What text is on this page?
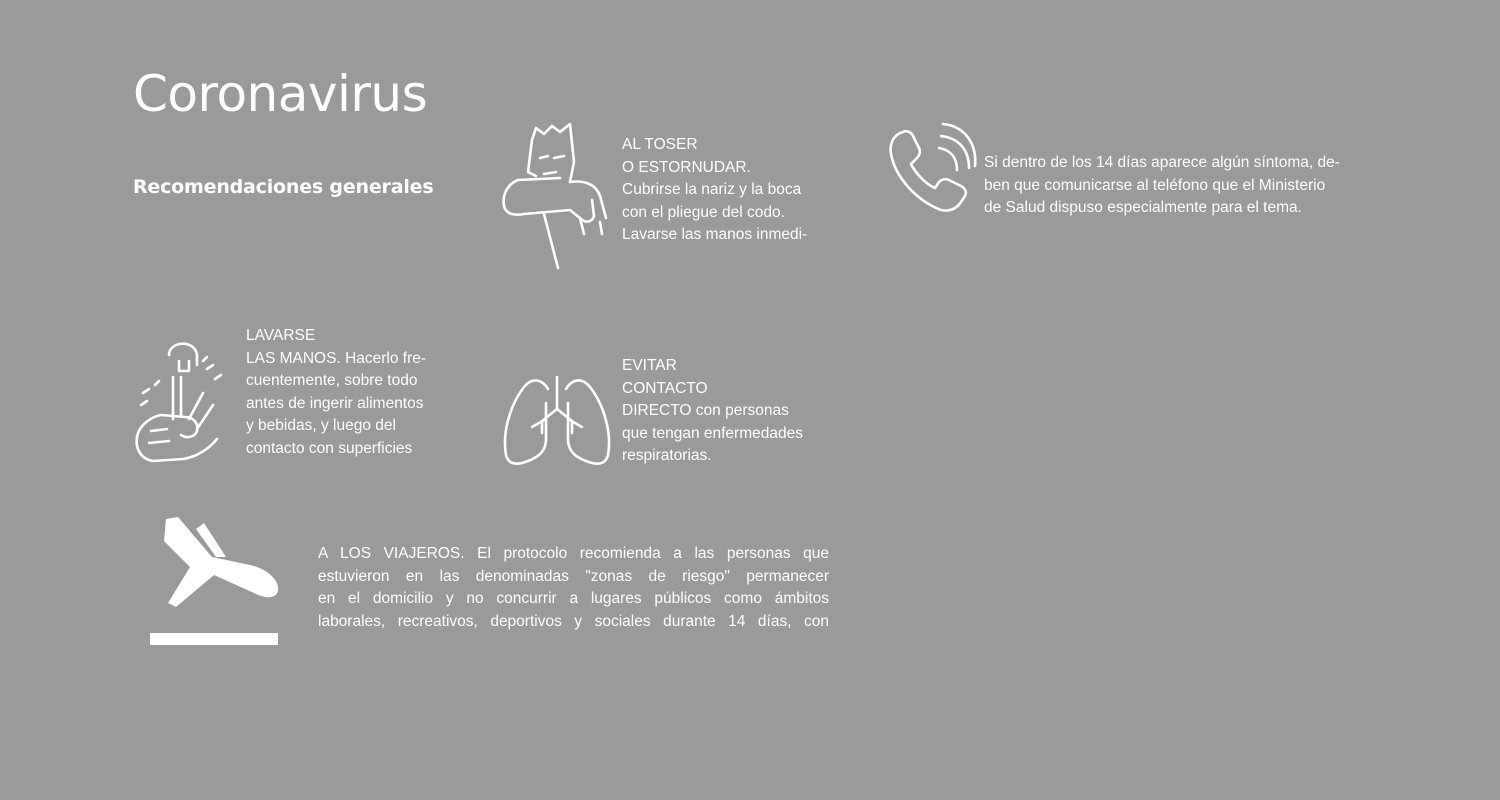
Coronavirus
Recomendaciones generales
AL TOSER
O ESTORNUDAR.

Cubrirse la nariz y la boca

con el pliegue del codo.

Lavarse las manos inmedi-

Si dentro de los 14 días aparece algún síntoma, de-

ben que comunicarse al teléfono que el Ministerio

de Salud dispuso especialmente para el tema.

LAVARSE

LAS MANOS. Hacerlo fre-

cuentemente, sobre todo

antes de ingerir alimentos

y bebidas, y luego del

contacto con superficies

EVITAR

CONTACTO

DIRECTO con personas

que tengan enfermedades

respiratorias.

A LOS VIAJEROS. El protocolo recomienda a las personas que

estuvieron en las denominadas "zonas de riesgo" permanecer

en el domicilio y no concurrir a lugares públicos como ámbitos

laborales, recreativos, deportivos y sociales durante 14 días, con
